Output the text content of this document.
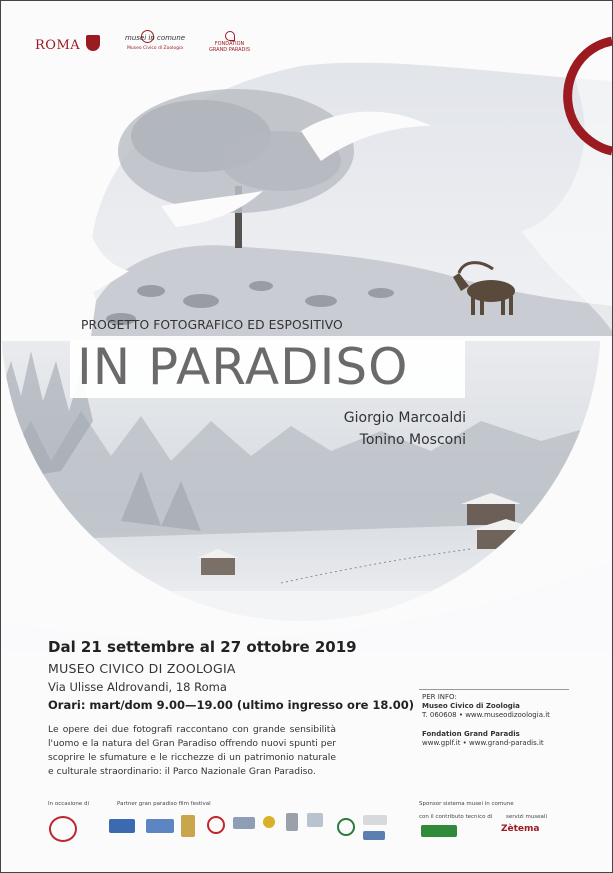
ROMA	musei in comune
Museo Civico di Zoologia
FONDATION
GRAND PARADIS
PROGETTO FOTOGRAFICO ED ESPOSITIVO
IN PARADISO
Giorgio Marcoaldi
Tonino Mosconi
Dal 21 settembre al 27 ottobre 2019
MUSEO CIVICO DI ZOOLOGIA
Via Ulisse Aldrovandi, 18 Roma
Orari: mart/dom 9.00—19.00 (ultimo ingresso ore 18.00)
Le opere dei due fotografi raccontano con grande sensibilità l'uomo e la natura del Gran Paradiso offrendo nuovi spunti per scoprire le sfumature e le ricchezze di un patrimonio naturale e culturale straordinario: il Parco Nazionale Gran Paradiso.
PER INFO:
Museo Civico di Zoologia
T. 060608 • www.museodizoologia.it
Fondation Grand Paradis
www.gplf.it • www.grand-paradis.it
In occasione di	Partner gran paradiso film festival	Sponsor sistema musei in comune
con il contributo tecnico di	servizi museali
Zètema
